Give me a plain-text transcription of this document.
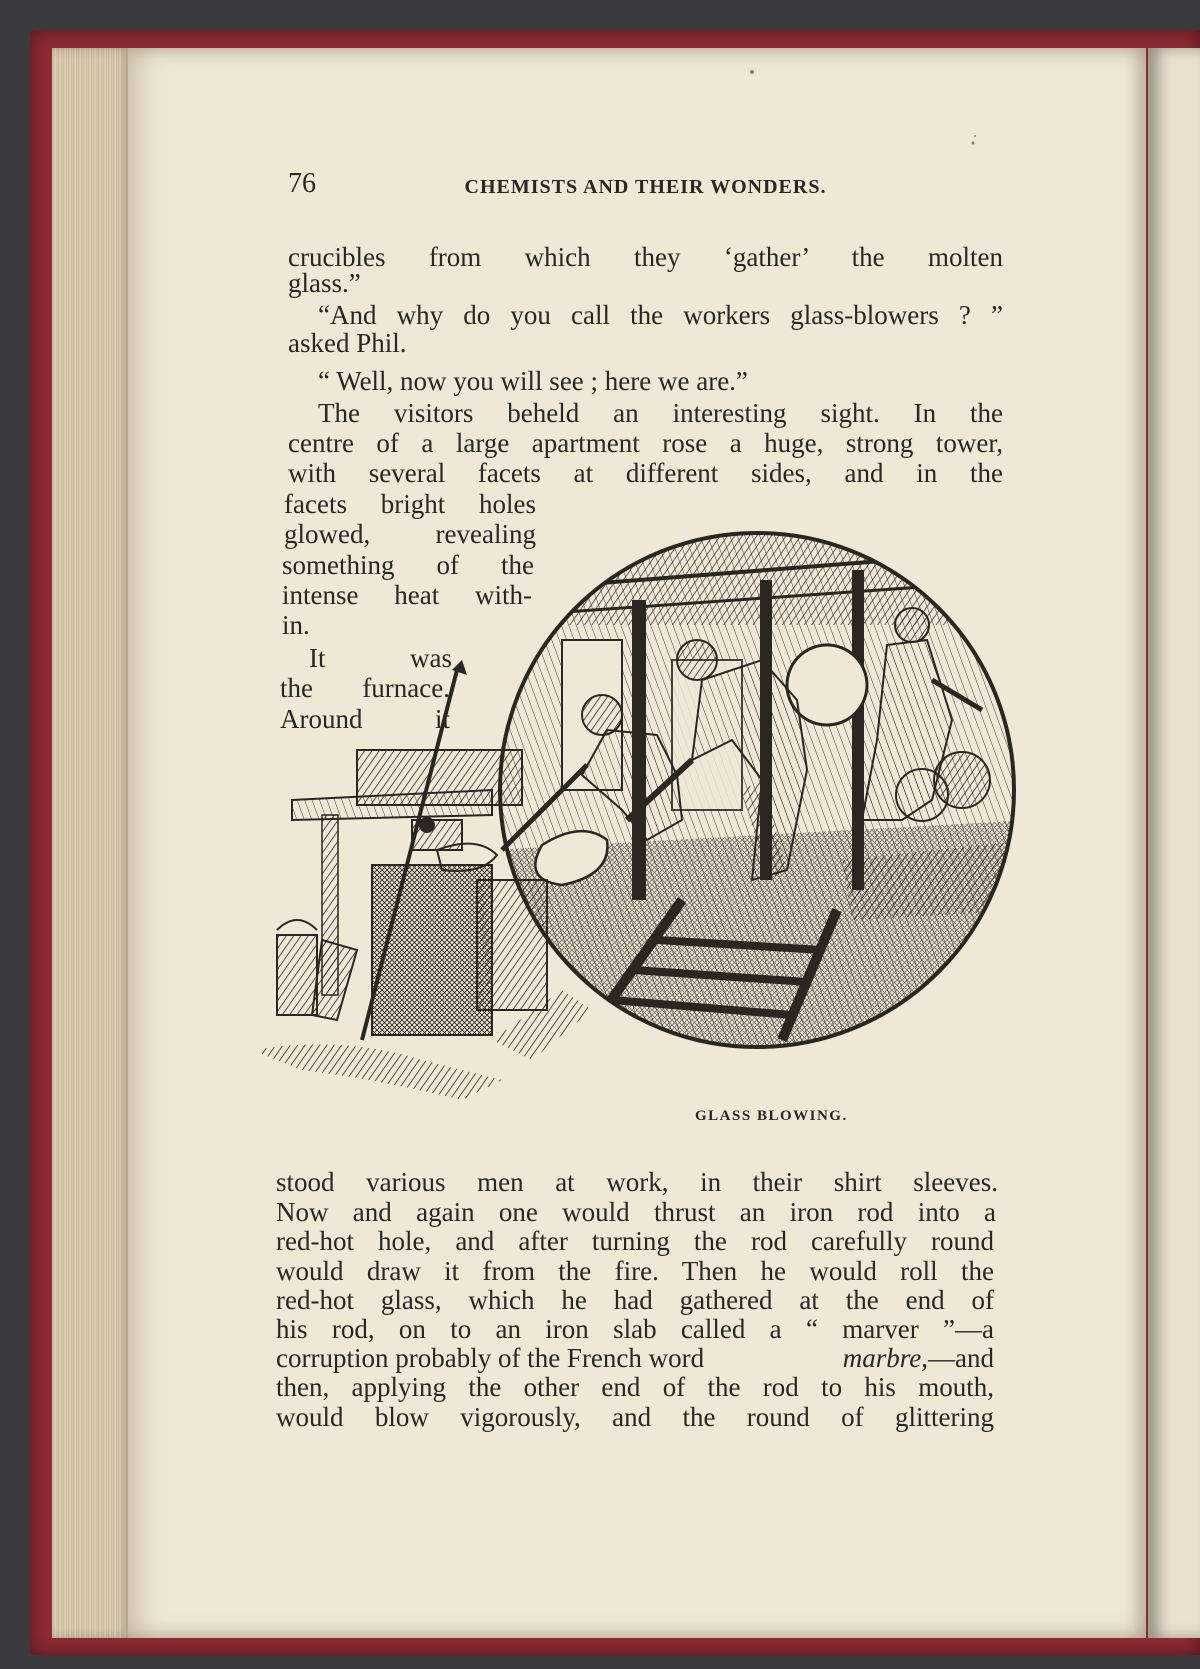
76	CHEMISTS AND THEIR WONDERS.
crucibles from which they ‘gather’ the molten
glass.”
“And why do you call the workers glass-blowers ? ”
asked Phil.
“ Well, now you will see ; here we are.”
The visitors beheld an interesting sight. In the
centre of a large apartment rose a huge, strong tower,
with several facets at different sides, and in the
facets bright holes
glowed, revealing
something of the
intense heat with-
in.
It was
the furnace.
Around it
GLASS BLOWING.
stood various men at work, in their shirt sleeves.
Now and again one would thrust an iron rod into a
red-hot hole, and after turning the rod carefully round
would draw it from the fire. Then he would roll the
red-hot glass, which he had gathered at the end of
his rod, on to an iron slab called a “ marver ”—a
corruption probably of the French word	marbre,—and
then, applying the other end of the rod to his mouth,
would blow vigorously, and the round of glittering
